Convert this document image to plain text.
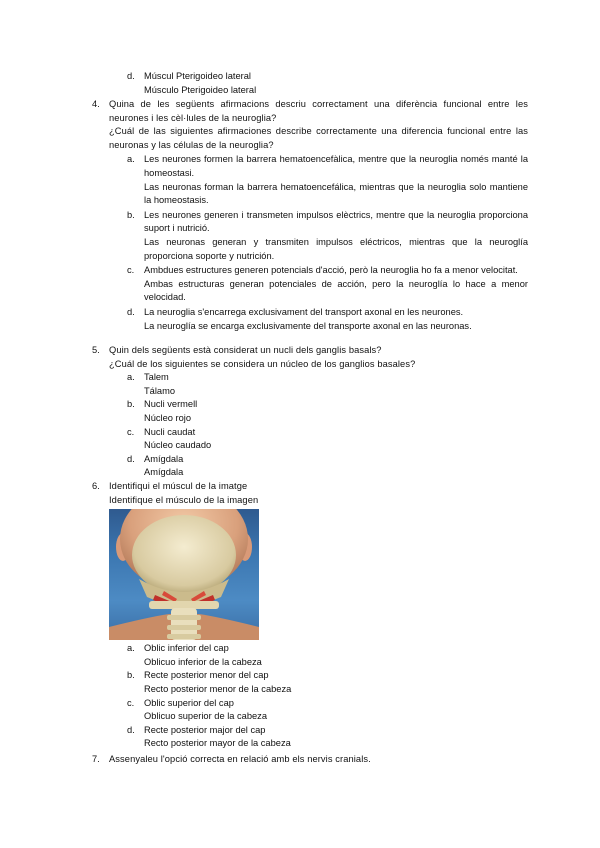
d. Múscul Pterigoideo lateral

Músculo Pterigoideo lateral

4. Quina de les següents afirmacions descriu correctament una diferència funcional entre les neurones i les cèl·lules de la neuroglia?

¿Cuál de las siguientes afirmaciones describe correctamente una diferencia funcional entre las neuronas y las células de la neuroglia?

a. Les neurones formen la barrera hematoencefàlica, mentre que la neuroglia només manté la homeostasi.

Las neuronas forman la barrera hematoencefálica, mientras que la neuroglia solo mantiene la homeostasis.

b. Les neurones generen i transmeten impulsos elèctrics, mentre que la neuroglia proporciona suport i nutrició.

Las neuronas generan y transmiten impulsos eléctricos, mientras que la neuroglía proporciona soporte y nutrición.

c. Ambdues estructures generen potencials d'acció, però la neuroglia ho fa a menor velocitat.

Ambas estructuras generan potenciales de acción, pero la neuroglía lo hace a menor velocidad.

d. La neuroglia s'encarrega exclusivament del transport axonal en les neurones.

La neuroglía se encarga exclusivamente del transporte axonal en las neuronas.

5. Quin dels següents està considerat un nucli dels ganglis basals?

¿Cuál de los siguientes se considera un núcleo de los ganglios basales?

a. Talem

Tálamo

b. Nucli vermell

Núcleo rojo

c. Nucli caudat

Núcleo caudado

d. Amígdala

Amígdala

6. Identifiqui el múscul de la imatge

Identifique el músculo de la imagen

a. Oblic inferior del cap

Oblicuo inferior de la cabeza

b. Recte posterior menor del cap

Recto posterior menor de la cabeza

c. Oblic superior del cap

Oblicuo superior de la cabeza

d. Recte posterior major del cap

Recto posterior mayor de la cabeza

7. Assenyaleu l'opció correcta en relació amb els nervis cranials.
